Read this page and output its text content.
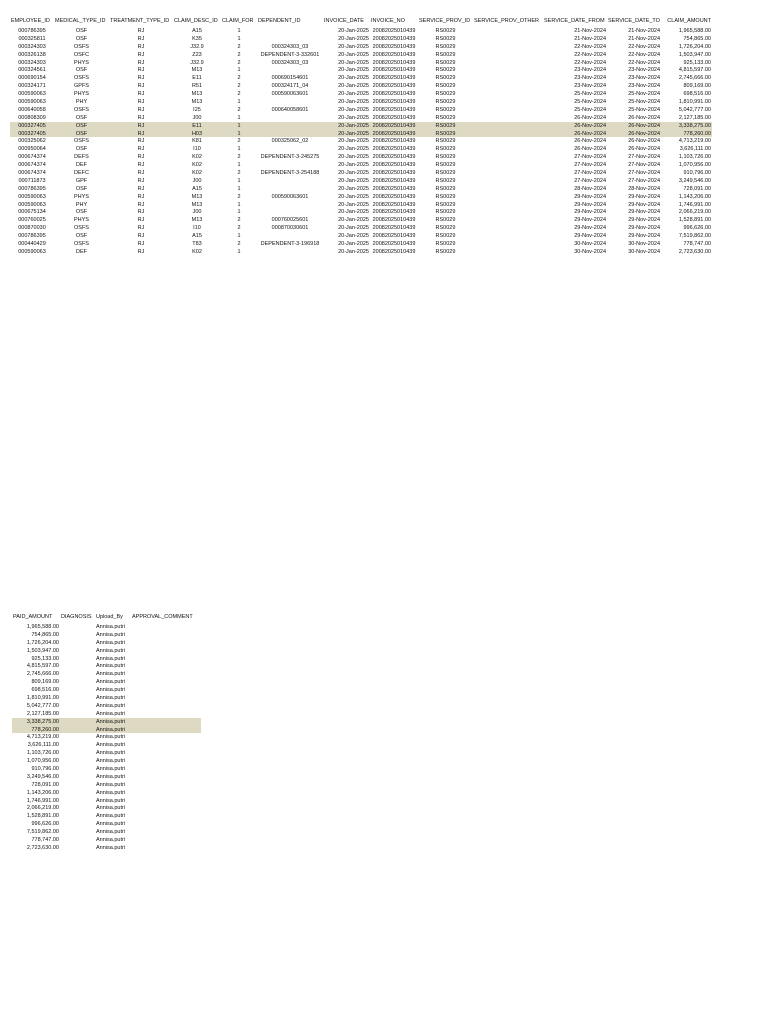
EMPLOYEE_ID	MEDICAL_TYPE_ID	TREATMENT_TYPE_ID	CLAIM_DESC_ID	CLAIM_FOR	DEPENDENT_ID	INVOICE_DATE	INVOICE_NO	SERVICE_PROV_ID	SERVICE_PROV_OTHER	SERVICE_DATE_FROM	SERVICE_DATE_TO	CLAIM_AMOUNT
000786395	OSF	RJ	A15	1		20-Jan-2025	20082025010439	RS0029		21-Nov-2024	21-Nov-2024	1,965,588.00
000325811	OSF	RJ	K35	1		20-Jan-2025	20082025010439	RS0029		21-Nov-2024	21-Nov-2024	754,865.00
000324303	OSFS	RJ	J32.9	2	000324303_03	20-Jan-2025	20082025010439	RS0029		22-Nov-2024	22-Nov-2024	1,726,204.00
000326138	OSFC	RJ	Z23	2	DEPENDENT-3-332601	20-Jan-2025	20082025010439	RS0029		22-Nov-2024	22-Nov-2024	1,503,947.00
000324303	PHYS	RJ	J32.9	2	000324303_03	20-Jan-2025	20082025010439	RS0029		22-Nov-2024	22-Nov-2024	925,133.00
000324561	OSF	RJ	M13	1		20-Jan-2025	20082025010439	RS0029		23-Nov-2024	23-Nov-2024	4,815,597.00
000690154	OSFS	RJ	E11	2	000690154601	20-Jan-2025	20082025010439	RS0029		23-Nov-2024	23-Nov-2024	2,745,666.00
000324171	GPFS	RJ	R51	2	000324171_04	20-Jan-2025	20082025010439	RS0029		23-Nov-2024	23-Nov-2024	809,169.00
000590063	PHYS	RJ	M13	2	000590063601	20-Jan-2025	20082025010439	RS0029		25-Nov-2024	25-Nov-2024	698,516.00
000590063	PHY	RJ	M13	1		20-Jan-2025	20082025010439	RS0029		25-Nov-2024	25-Nov-2024	1,810,991.00
000640058	OSFS	RJ	I25	2	000640058601	20-Jan-2025	20082025010439	RS0029		25-Nov-2024	25-Nov-2024	5,042,777.00
000808309	OSF	RJ	J00	1		20-Jan-2025	20082025010439	RS0029		26-Nov-2024	26-Nov-2024	2,127,185.00
000327405	OSF	RJ	E11	1		20-Jan-2025	20082025010439	RS0029		26-Nov-2024	26-Nov-2024	3,338,275.00
000327405	OSF	RJ	H03	1		20-Jan-2025	20082025010439	RS0029		26-Nov-2024	26-Nov-2024	778,260.00
000325062	OSFS	RJ	K81	2	000325062_02	20-Jan-2025	20082025010439	RS0029		26-Nov-2024	26-Nov-2024	4,713,219.00
000950064	OSF	RJ	I10	1		20-Jan-2025	20082025010439	RS0029		26-Nov-2024	26-Nov-2024	3,626,111.00
000674374	DEFS	RJ	K02	2	DEPENDENT-3-245275	20-Jan-2025	20082025010439	RS0029		27-Nov-2024	27-Nov-2024	1,103,726.00
000674374	DEF	RJ	K02	1		20-Jan-2025	20082025010439	RS0029		27-Nov-2024	27-Nov-2024	1,070,956.00
000674374	DEFC	RJ	K02	2	DEPENDENT-3-254188	20-Jan-2025	20082025010439	RS0029		27-Nov-2024	27-Nov-2024	910,796.00
000711873	GPF	RJ	J00	1		20-Jan-2025	20082025010439	RS0029		27-Nov-2024	27-Nov-2024	3,249,546.00
000786395	OSF	RJ	A15	1		20-Jan-2025	20082025010439	RS0029		28-Nov-2024	28-Nov-2024	728,091.00
000590063	PHYS	RJ	M13	2	000590063601	20-Jan-2025	20082025010439	RS0029		29-Nov-2024	29-Nov-2024	1,143,206.00
000590063	PHY	RJ	M13	1		20-Jan-2025	20082025010439	RS0029		29-Nov-2024	29-Nov-2024	1,746,991.00
000675134	OSF	RJ	J00	1		20-Jan-2025	20082025010439	RS0029		29-Nov-2024	29-Nov-2024	2,066,219.00
000760025	PHYS	RJ	M13	2	000760025601	20-Jan-2025	20082025010439	RS0029		29-Nov-2024	29-Nov-2024	1,528,891.00
000870030	OSFS	RJ	I10	2	000870030601	20-Jan-2025	20082025010439	RS0029		29-Nov-2024	29-Nov-2024	996,626.00
000786395	OSF	RJ	A15	1		20-Jan-2025	20082025010439	RS0029		29-Nov-2024	29-Nov-2024	7,519,862.00
000440429	OSFS	RJ	T83	2	DEPENDENT-3-196918	20-Jan-2025	20082025010439	RS0029		30-Nov-2024	30-Nov-2024	778,747.00
000590063	DEF	RJ	K02	1		20-Jan-2025	20082025010439	RS0029		30-Nov-2024	30-Nov-2024	2,723,630.00
PAID_AMOUNT	DIAGNOSIS	Upload_By	APPROVAL_COMMENT
1,965,588.00		Annisa.putri	
754,865.00		Annisa.putri	
1,726,204.00		Annisa.putri	
1,503,947.00		Annisa.putri	
925,133.00		Annisa.putri	
4,815,597.00		Annisa.putri	
2,745,666.00		Annisa.putri	
809,169.00		Annisa.putri	
698,516.00		Annisa.putri	
1,810,991.00		Annisa.putri	
5,042,777.00		Annisa.putri	
2,127,185.00		Annisa.putri	
3,338,275.00		Annisa.putri	
778,260.00		Annisa.putri	
4,713,219.00		Annisa.putri	
3,626,111.00		Annisa.putri	
1,103,726.00		Annisa.putri	
1,070,956.00		Annisa.putri	
910,796.00		Annisa.putri	
3,249,546.00		Annisa.putri	
728,091.00		Annisa.putri	
1,143,206.00		Annisa.putri	
1,746,991.00		Annisa.putri	
2,066,219.00		Annisa.putri	
1,528,891.00		Annisa.putri	
996,626.00		Annisa.putri	
7,519,862.00		Annisa.putri	
778,747.00		Annisa.putri	
2,723,630.00		Annisa.putri	
